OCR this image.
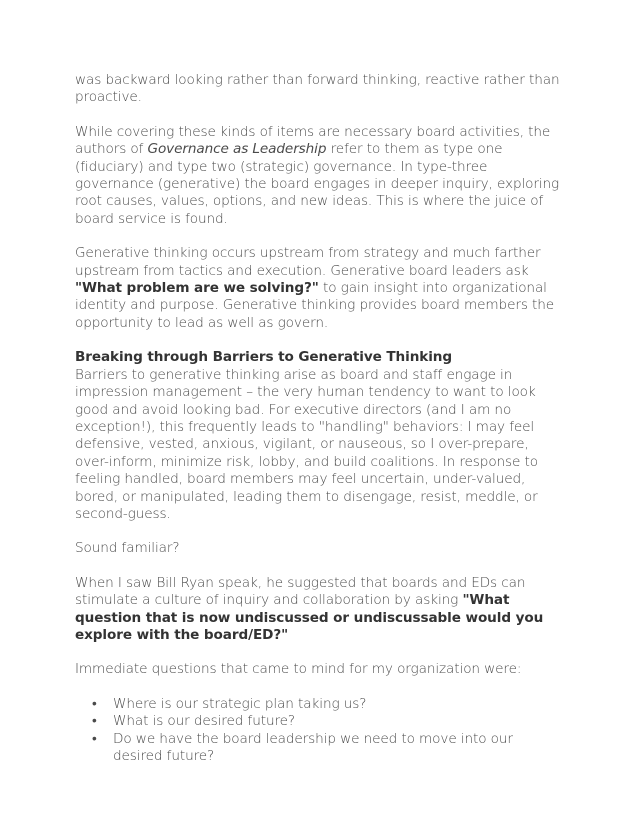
was backward looking rather than forward thinking, reactive rather than proactive.

While covering these kinds of items are necessary board activities, the authors of Governance as Leadership refer to them as type one (fiduciary) and type two (strategic) governance. In type-three governance (generative) the board engages in deeper inquiry, exploring root causes, values, options, and new ideas. This is where the juice of board service is found.

Generative thinking occurs upstream from strategy and much farther upstream from tactics and execution. Generative board leaders ask "What problem are we solving?" to gain insight into organizational identity and purpose. Generative thinking provides board members the opportunity to lead as well as govern.

Breaking through Barriers to Generative Thinking

Barriers to generative thinking arise as board and staff engage in impression management – the very human tendency to want to look good and avoid looking bad. For executive directors (and I am no exception!), this frequently leads to "handling" behaviors: I may feel defensive, vested, anxious, vigilant, or nauseous, so I over-prepare, over-inform, minimize risk, lobby, and build coalitions. In response to feeling handled, board members may feel uncertain, under-valued, bored, or manipulated, leading them to disengage, resist, meddle, or second-guess.

Sound familiar?

When I saw Bill Ryan speak, he suggested that boards and EDs can stimulate a culture of inquiry and collaboration by asking "What question that is now undiscussed or undiscussable would you explore with the board/ED?"

Immediate questions that came to mind for my organization were:

• Where is our strategic plan taking us?
• What is our desired future?
• Do we have the board leadership we need to move into our desired future?
